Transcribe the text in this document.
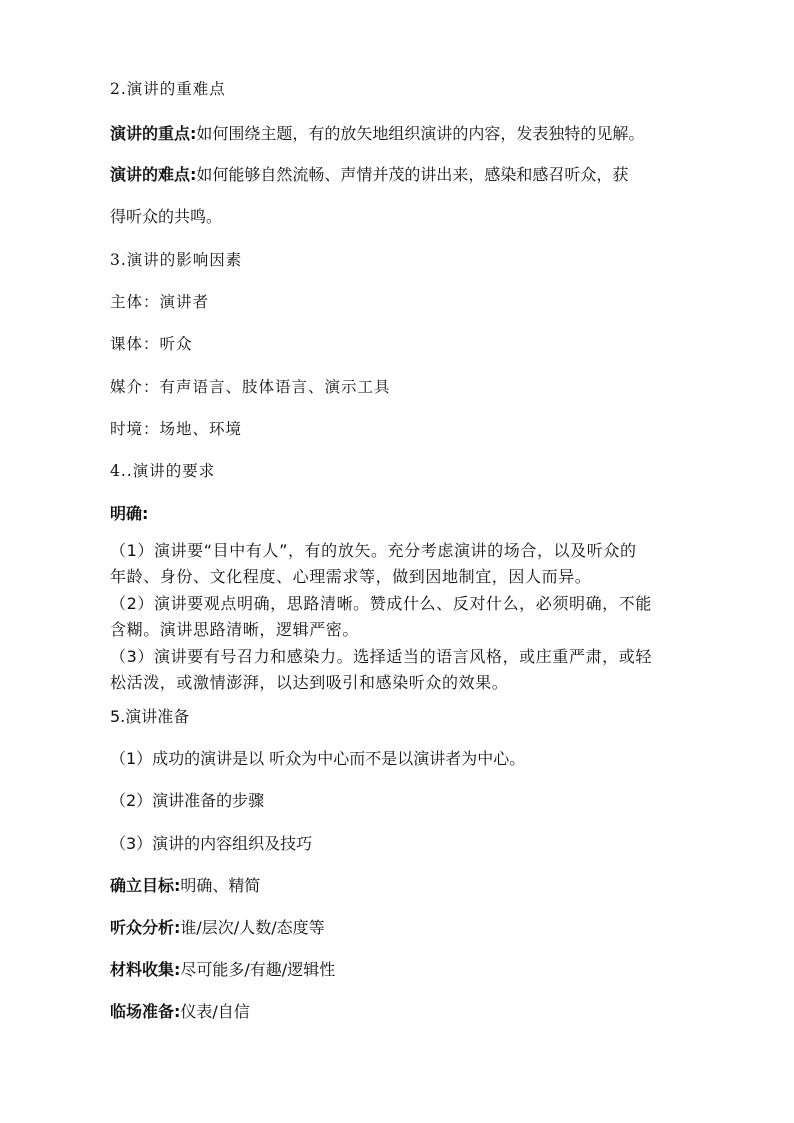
2.演讲的重难点
演讲的重点:如何围绕主题，有的放矢地组织演讲的内容，发表独特的见解。
演讲的难点:如何能够自然流畅、声情并茂的讲出来，感染和感召听众，获
得听众的共鸣。
3.演讲的影响因素
主体：演讲者
课体：听众
媒介：有声语言、肢体语言、演示工具
时境：场地、环境
4..演讲的要求
明确:
（1）演讲要“目中有人”，有的放矢。充分考虑演讲的场合，以及听众的
年龄、身份、文化程度、心理需求等，做到因地制宜，因人而异。
（2）演讲要观点明确，思路清晰。赞成什么、反对什么，必须明确，不能
含糊。演讲思路清晰，逻辑严密。
（3）演讲要有号召力和感染力。选择适当的语言风格，或庄重严肃，或轻
松活泼，或激情澎湃，以达到吸引和感染听众的效果。
5.演讲准备
（1）成功的演讲是以 听众为中心而不是以演讲者为中心。
（2）演讲准备的步骤
（3）演讲的内容组织及技巧
确立目标:明确、精简
听众分析:谁/层次/人数/态度等
材料收集:尽可能多/有趣/逻辑性
临场准备:仪表/自信
